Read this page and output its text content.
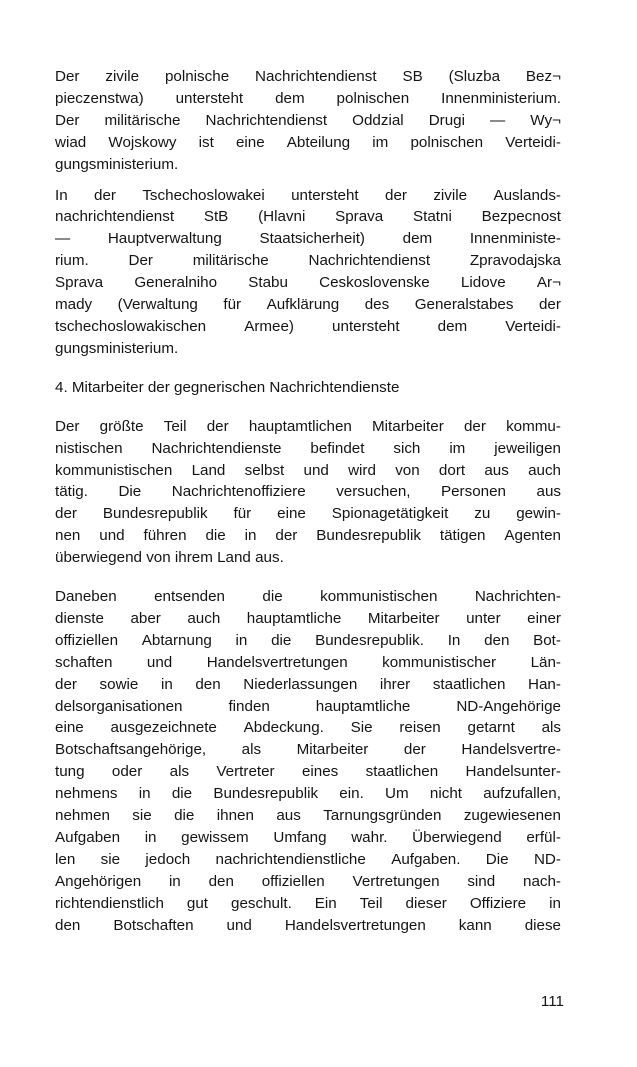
Der zivile polnische Nachrichtendienst SB (Sluzba Bez¬
pieczenstwa) untersteht dem polnischen Innenministerium.
Der militärische Nachrichtendienst Oddzial Drugi — Wy¬
wiad Wojskowy ist eine Abteilung im polnischen Verteidi-
gungsministerium.

In der Tschechoslowakei untersteht der zivile Auslands-
nachrichtendienst StB (Hlavni Sprava Statni Bezpecnost
— Hauptverwaltung Staatsicherheit) dem Innenministe-
rium.	Der	militärische	Nachrichtendienst	Zpravodajska
Sprava Generalniho Stabu Ceskoslovenske Lidove Ar¬
mady (Verwaltung für Aufklärung des Generalstabes der
tschechoslowakischen	Armee)	untersteht	dem	Verteidi-
gungsministerium.

4. Mitarbeiter der gegnerischen Nachrichtendienste

Der größte Teil der hauptamtlichen Mitarbeiter der kommu-
nistischen Nachrichtendienste befindet sich im jeweiligen
kommunistischen Land selbst und wird von dort aus auch
tätig. Die Nachrichtenoffiziere versuchen, Personen aus
der Bundesrepublik für eine Spionagetätigkeit zu gewin-
nen und führen die in der Bundesrepublik tätigen Agenten
überwiegend von ihrem Land aus.

Daneben entsenden die kommunistischen Nachrichten-
dienste aber auch hauptamtliche Mitarbeiter unter einer
offiziellen Abtarnung in die Bundesrepublik. In den Bot-
schaften und Handelsvertretungen kommunistischer Län-
der sowie in den Niederlassungen ihrer staatlichen Han-
delsorganisationen	finden	hauptamtliche	ND-Angehörige
eine ausgezeichnete Abdeckung. Sie reisen getarnt als
Botschaftsangehörige, als Mitarbeiter der Handelsvertre-
tung oder als Vertreter eines staatlichen Handelsunter-
nehmens in die Bundesrepublik ein. Um nicht aufzufallen,
nehmen sie die ihnen aus Tarnungsgründen zugewiesenen
Aufgaben in gewissem Umfang wahr. Überwiegend erfül-
len sie jedoch nachrichtendienstliche Aufgaben. Die ND-
Angehörigen in den offiziellen Vertretungen sind nach-
richtendienstlich gut geschult. Ein Teil dieser Offiziere in
den Botschaften und Handelsvertretungen kann diese

111
